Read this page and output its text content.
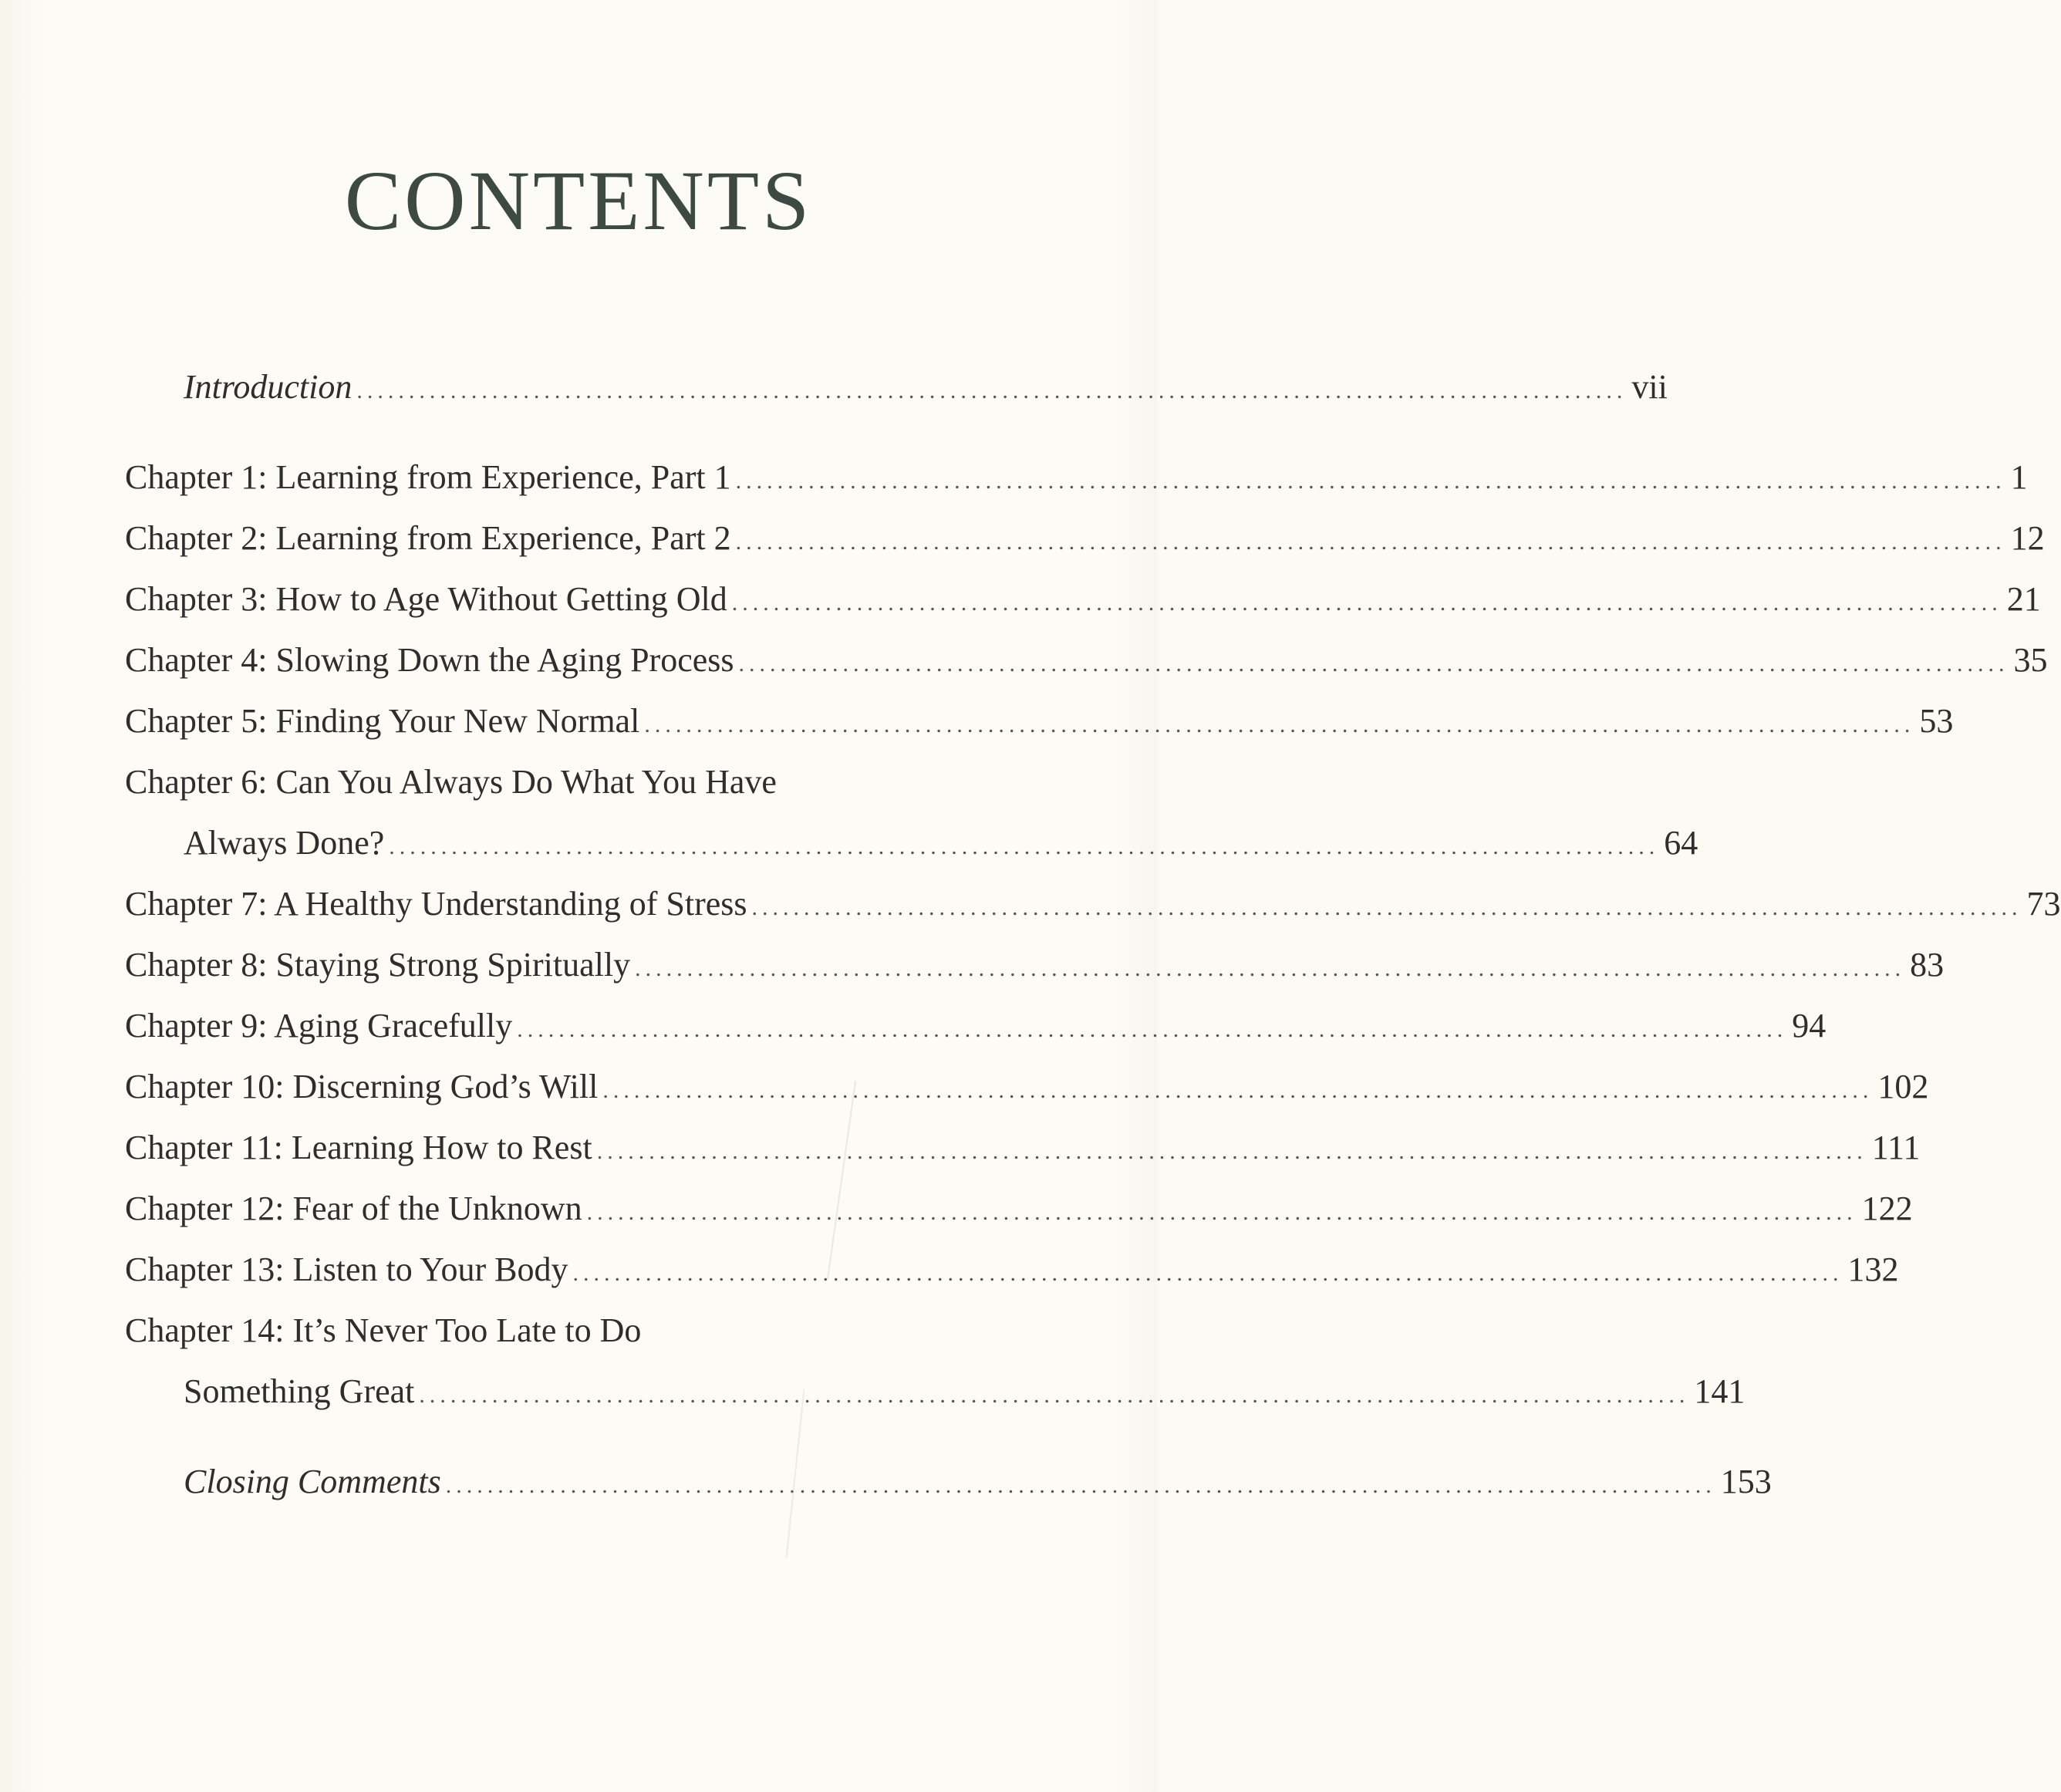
CONTENTS
Introduction .......................................................................................................................... vii
Chapter 1: Learning from Experience, Part 1 .......................................................................................................................... 1
Chapter 2: Learning from Experience, Part 2 .......................................................................................................................... 12
Chapter 3: How to Age Without Getting Old .......................................................................................................................... 21
Chapter 4: Slowing Down the Aging Process .......................................................................................................................... 35
Chapter 5: Finding Your New Normal .......................................................................................................................... 53
Chapter 6: Can You Always Do What You Have
Always Done? .......................................................................................................................... 64
Chapter 7: A Healthy Understanding of Stress .......................................................................................................................... 73
Chapter 8: Staying Strong Spiritually .......................................................................................................................... 83
Chapter 9: Aging Gracefully .......................................................................................................................... 94
Chapter 10: Discerning God’s Will .......................................................................................................................... 102
Chapter 11: Learning How to Rest .......................................................................................................................... 111
Chapter 12: Fear of the Unknown .......................................................................................................................... 122
Chapter 13: Listen to Your Body .......................................................................................................................... 132
Chapter 14: It’s Never Too Late to Do
Something Great .......................................................................................................................... 141
Closing Comments .......................................................................................................................... 153
